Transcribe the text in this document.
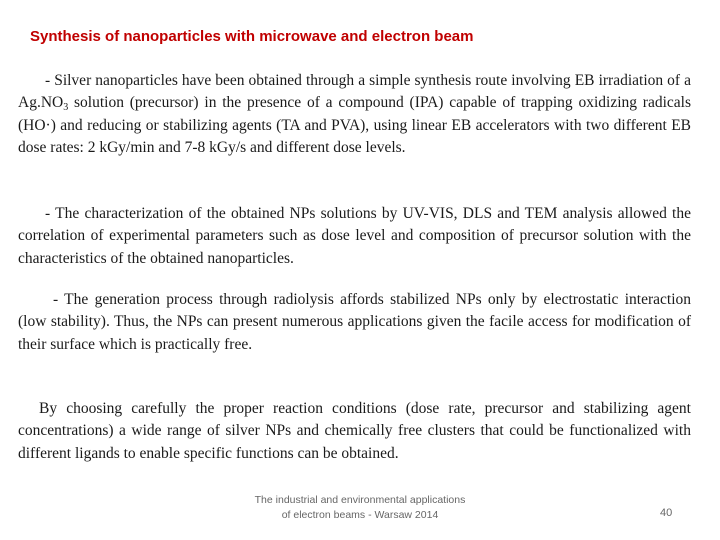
Synthesis of nanoparticles with microwave and electron beam

- Silver nanoparticles have been obtained through a simple synthesis route involving EB irradiation of a $Ag.NO_3$ solution (precursor) in the presence of a compound (IPA) capable of trapping oxidizing radicals (HO·) and reducing or stabilizing agents (TA and PVA), using linear EB accelerators with two different EB dose rates: 2 kGy/min and 7-8 kGy/s and different dose levels.

- The characterization of the obtained NPs solutions by UV-VIS, DLS and TEM analysis allowed the correlation of experimental parameters such as dose level and composition of precursor solution with the characteristics of the obtained nanoparticles.

- The generation process through radiolysis affords stabilized NPs only by electrostatic interaction (low stability). Thus, the NPs can present numerous applications given the facile access for modification of their surface which is practically free.

By choosing carefully the proper reaction conditions (dose rate, precursor and stabilizing agent concentrations) a wide range of silver NPs and chemically free clusters that could be functionalized with different ligands to enable specific functions can be obtained.

The industrial and environmental applications of electron beams - Warsaw 2014	40
